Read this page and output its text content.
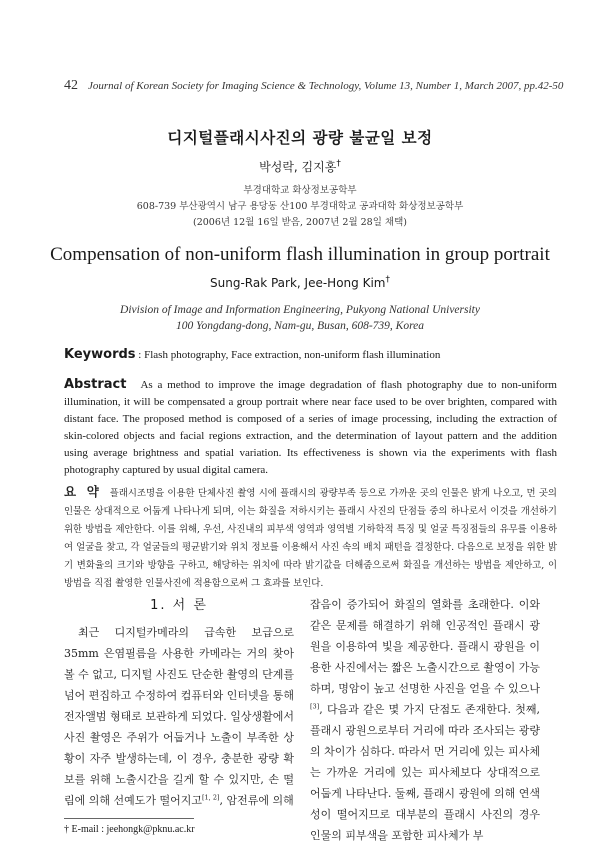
42 Journal of Korean Society for Imaging Science & Technology, Volume 13, Number 1, March 2007, pp.42-50
디지털플래시사진의 광량 불균일 보정
박성락, 김지홍†
부경대학교 화상정보공학부
608-739 부산광역시 남구 용당동 산100 부경대학교 공과대학 화상정보공학부
(2006년 12월 16일 받음, 2007년 2월 28일 채택)
Compensation of non-uniform flash illumination in group portrait
Sung-Rak Park, Jee-Hong Kim†
Division of Image and Information Engineering, Pukyong National University
100 Yongdang-dong, Nam-gu, Busan, 608-739, Korea
Keywords : Flash photography, Face extraction, non-uniform flash illumination
Abstract As a method to improve the image degradation of flash photography due to non-uniform illumination, it will be compensated a group portrait where near face used to be over brighten, compared with distant face. The proposed method is composed of a series of image processing, including the extraction of skin-colored objects and facial regions extraction, and the determination of layout pattern and the addition using average brightness and spatial variation. Its effectiveness is shown via the experiments with flash photography captured by usual digital camera.
요 약 플래시조명을 이용한 단체사진 촬영 시에 플래시의 광량부족 등으로 가까운 곳의 인물은 밝게 나오고, 먼 곳의 인물은 상대적으로 어둡게 나타나게 되며, 이는 화질을 저하시키는 플래시 사진의 단점들 중의 하나로서 이것을 개선하기 위한 방법을 제안한다. 이를 위해, 우선, 사진내의 피부색 영역과 영역별 기하학적 특징 및 얼굴 특징점들의 유무를 이용하여 얼굴을 찾고, 각 얼굴들의 평균밝기와 위치 정보를 이용해서 사진 속의 배치 패턴을 결정한다. 다음으로 보정을 위한 밝기 변화율의 크기와 방향을 구하고, 해당하는 위치에 따라 밝기값을 더해줌으로써 화질을 개선하는 방법을 제안하고, 이 방법을 직접 촬영한 인물사진에 적용함으로써 그 효과를 보인다.
1. 서 론

최근 디지털카메라의 급속한 보급으로 35mm 은염필름을 사용한 카메라는 거의 찾아 볼 수 없고, 디지털 사진도 단순한 촬영의 단계를 넘어 편집하고 수정하여 컴퓨터와 인터넷을 통해 전자앨범 형태로 보관하게 되었다. 일상생활에서 사진 촬영은 주위가 어둡거나 노출이 부족한 상황이 자주 발생하는데, 이 경우, 충분한 광량 확보를 위해 노출시간을 길게 할 수 있지만, 손 떨림에 의해 선예도가 떨어지고[1, 2], 암전류에 의해

잡음이 증가되어 화질의 열화를 초래한다. 이와 같은 문제를 해결하기 위해 인공적인 플래시 광원을 이용하여 빛을 제공한다. 플래시 광원을 이용한 사진에서는 짧은 노출시간으로 촬영이 가능하며, 명암이 높고 선명한 사진을 얻을 수 있으나[3], 다음과 같은 몇 가지 단점도 존재한다. 첫째, 플래시 광원으로부터 거리에 따라 조사되는 광량의 차이가 심하다. 따라서 먼 거리에 있는 피사체는 가까운 거리에 있는 피사체보다 상대적으로 어둡게 나타난다. 둘째, 플래시 광원에 의해 연색성이 떨어지므로 대부분의 플래시 사진의 경우 인물의 피부색을 포함한 피사체가 부

† E-mail : jeehongk@pknu.ac.kr
